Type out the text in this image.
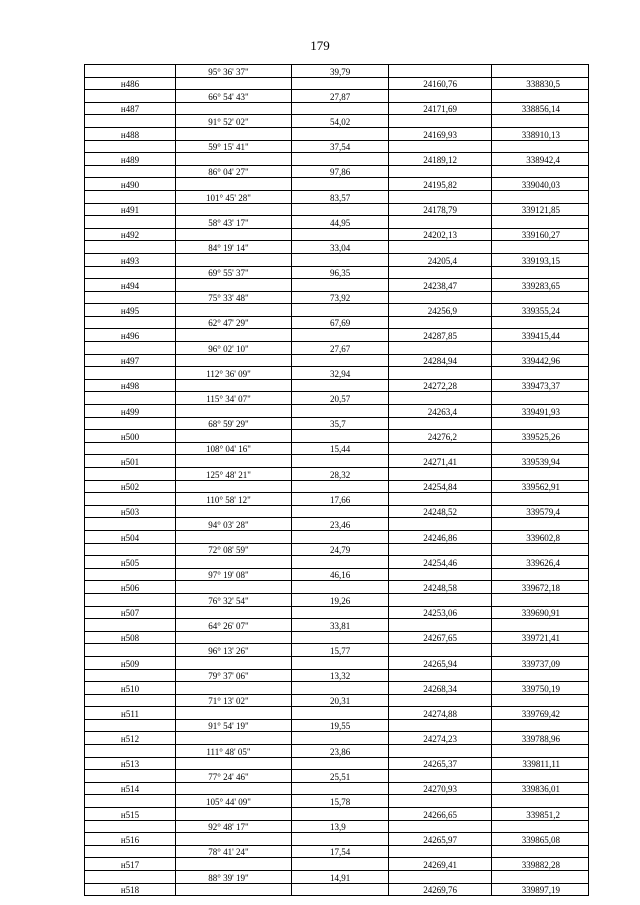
179
	95° 36' 37"	39,79		
н486			24160,76	338830,5
	66° 54' 43"	27,87		
н487			24171,69	338856,14
	91° 52' 02"	54,02		
н488			24169,93	338910,13
	59° 15' 41"	37,54		
н489			24189,12	338942,4
	86° 04' 27"	97,86		
н490			24195,82	339040,03
	101° 45' 28"	83,57		
н491			24178,79	339121,85
	58° 43' 17"	44,95		
н492			24202,13	339160,27
	84° 19' 14"	33,04		
н493			24205,4	339193,15
	69° 55' 37"	96,35		
н494			24238,47	339283,65
	75° 33' 48"	73,92		
н495			24256,9	339355,24
	62° 47' 29"	67,69		
н496			24287,85	339415,44
	96° 02' 10"	27,67		
н497			24284,94	339442,96
	112° 36' 09"	32,94		
н498			24272,28	339473,37
	115° 34' 07"	20,57		
н499			24263,4	339491,93
	68° 59' 29"	35,7		
н500			24276,2	339525,26
	108° 04' 16"	15,44		
н501			24271,41	339539,94
	125° 48' 21"	28,32		
н502			24254,84	339562,91
	110° 58' 12"	17,66		
н503			24248,52	339579,4
	94° 03' 28"	23,46		
н504			24246,86	339602,8
	72° 08' 59"	24,79		
н505			24254,46	339626,4
	97° 19' 08"	46,16		
н506			24248,58	339672,18
	76° 32' 54"	19,26		
н507			24253,06	339690,91
	64° 26' 07"	33,81		
н508			24267,65	339721,41
	96° 13' 26"	15,77		
н509			24265,94	339737,09
	79° 37' 06"	13,32		
н510			24268,34	339750,19
	71° 13' 02"	20,31		
н511			24274,88	339769,42
	91° 54' 19"	19,55		
н512			24274,23	339788,96
	111° 48' 05"	23,86		
н513			24265,37	339811,11
	77° 24' 46"	25,51		
н514			24270,93	339836,01
	105° 44' 09"	15,78		
н515			24266,65	339851,2
	92° 48' 17"	13,9		
н516			24265,97	339865,08
	78° 41' 24"	17,54		
н517			24269,41	339882,28
	88° 39' 19"	14,91		
н518			24269,76	339897,19
